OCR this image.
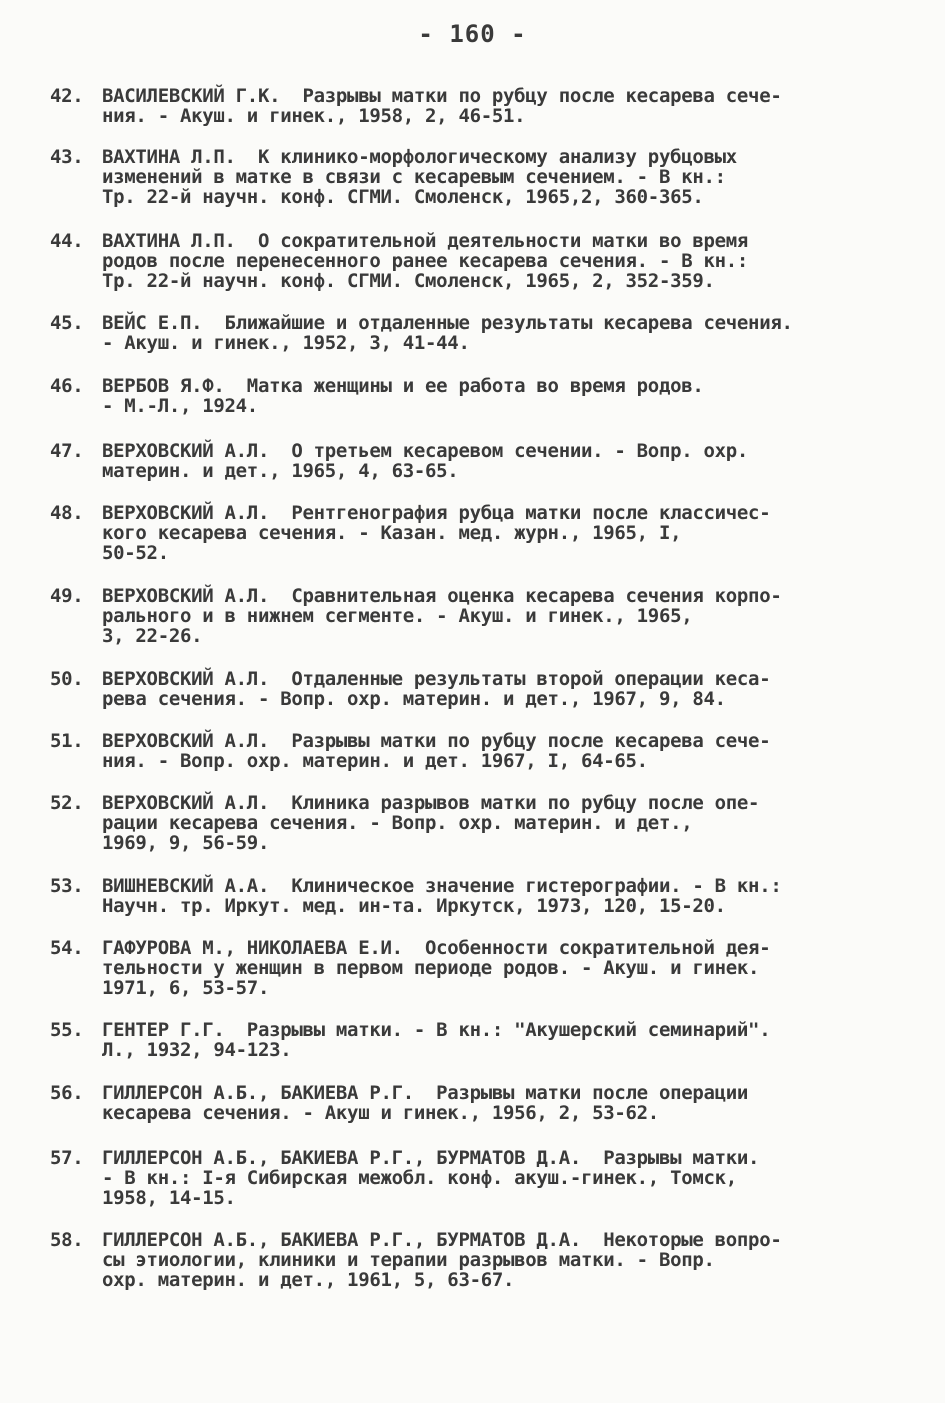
- 160 -
42. ВАСИЛЕВСКИЙ Г.К.  Разрывы матки по рубцу после кесарева сече-
ния. - Акуш. и гинек., 1958, 2, 46-51.
43. ВАХТИНА Л.П.  К клинико-морфологическому анализу рубцовых
изменений в матке в связи с кесаревым сечением. - В кн.:
Тр. 22-й научн. конф. СГМИ. Смоленск, 1965,2, 360-365.
44. ВАХТИНА Л.П.  О сократительной деятельности матки во время
родов после перенесенного ранее кесарева сечения. - В кн.:
Тр. 22-й научн. конф. СГМИ. Смоленск, 1965, 2, 352-359.
45. ВЕЙС Е.П.  Ближайшие и отдаленные результаты кесарева сечения.
- Акуш. и гинек., 1952, 3, 41-44.
46. ВЕРБОВ Я.Ф.  Матка женщины и ее работа во время родов.
- М.-Л., 1924.
47. ВЕРХОВСКИЙ А.Л.  О третьем кесаревом сечении. - Вопр. охр.
материн. и дет., 1965, 4, 63-65.
48. ВЕРХОВСКИЙ А.Л.  Рентгенография рубца матки после классичес-
кого кесарева сечения. - Казан. мед. журн., 1965, I,
50-52.
49. ВЕРХОВСКИЙ А.Л.  Сравнительная оценка кесарева сечения корпо-
рального и в нижнем сегменте. - Акуш. и гинек., 1965,
3, 22-26.
50. ВЕРХОВСКИЙ А.Л.  Отдаленные результаты второй операции кеса-
рева сечения. - Вопр. охр. материн. и дет., 1967, 9, 84.
51. ВЕРХОВСКИЙ А.Л.  Разрывы матки по рубцу после кесарева сече-
ния. - Вопр. охр. материн. и дет. 1967, I, 64-65.
52. ВЕРХОВСКИЙ А.Л.  Клиника разрывов матки по рубцу после опе-
рации кесарева сечения. - Вопр. охр. материн. и дет.,
1969, 9, 56-59.
53. ВИШНЕВСКИЙ А.А.  Клиническое значение гистерографии. - В кн.:
Научн. тр. Иркут. мед. ин-та. Иркутск, 1973, 120, 15-20.
54. ГАФУРОВА М., НИКОЛАЕВА Е.И.  Особенности сократительной дея-
тельности у женщин в первом периоде родов. - Акуш. и гинек.
1971, 6, 53-57.
55. ГЕНТЕР Г.Г.  Разрывы матки. - В кн.: "Акушерский семинарий".
Л., 1932, 94-123.
56. ГИЛЛЕРСОН А.Б., БАКИЕВА Р.Г.  Разрывы матки после операции
кесарева сечения. - Акуш и гинек., 1956, 2, 53-62.
57. ГИЛЛЕРСОН А.Б., БАКИЕВА Р.Г., БУРМАТОВ Д.А.  Разрывы матки.
- В кн.: I-я Сибирская межобл. конф. акуш.-гинек., Томск,
1958, 14-15.
58. ГИЛЛЕРСОН А.Б., БАКИЕВА Р.Г., БУРМАТОВ Д.А.  Некоторые вопро-
сы этиологии, клиники и терапии разрывов матки. - Вопр.
охр. материн. и дет., 1961, 5, 63-67.
